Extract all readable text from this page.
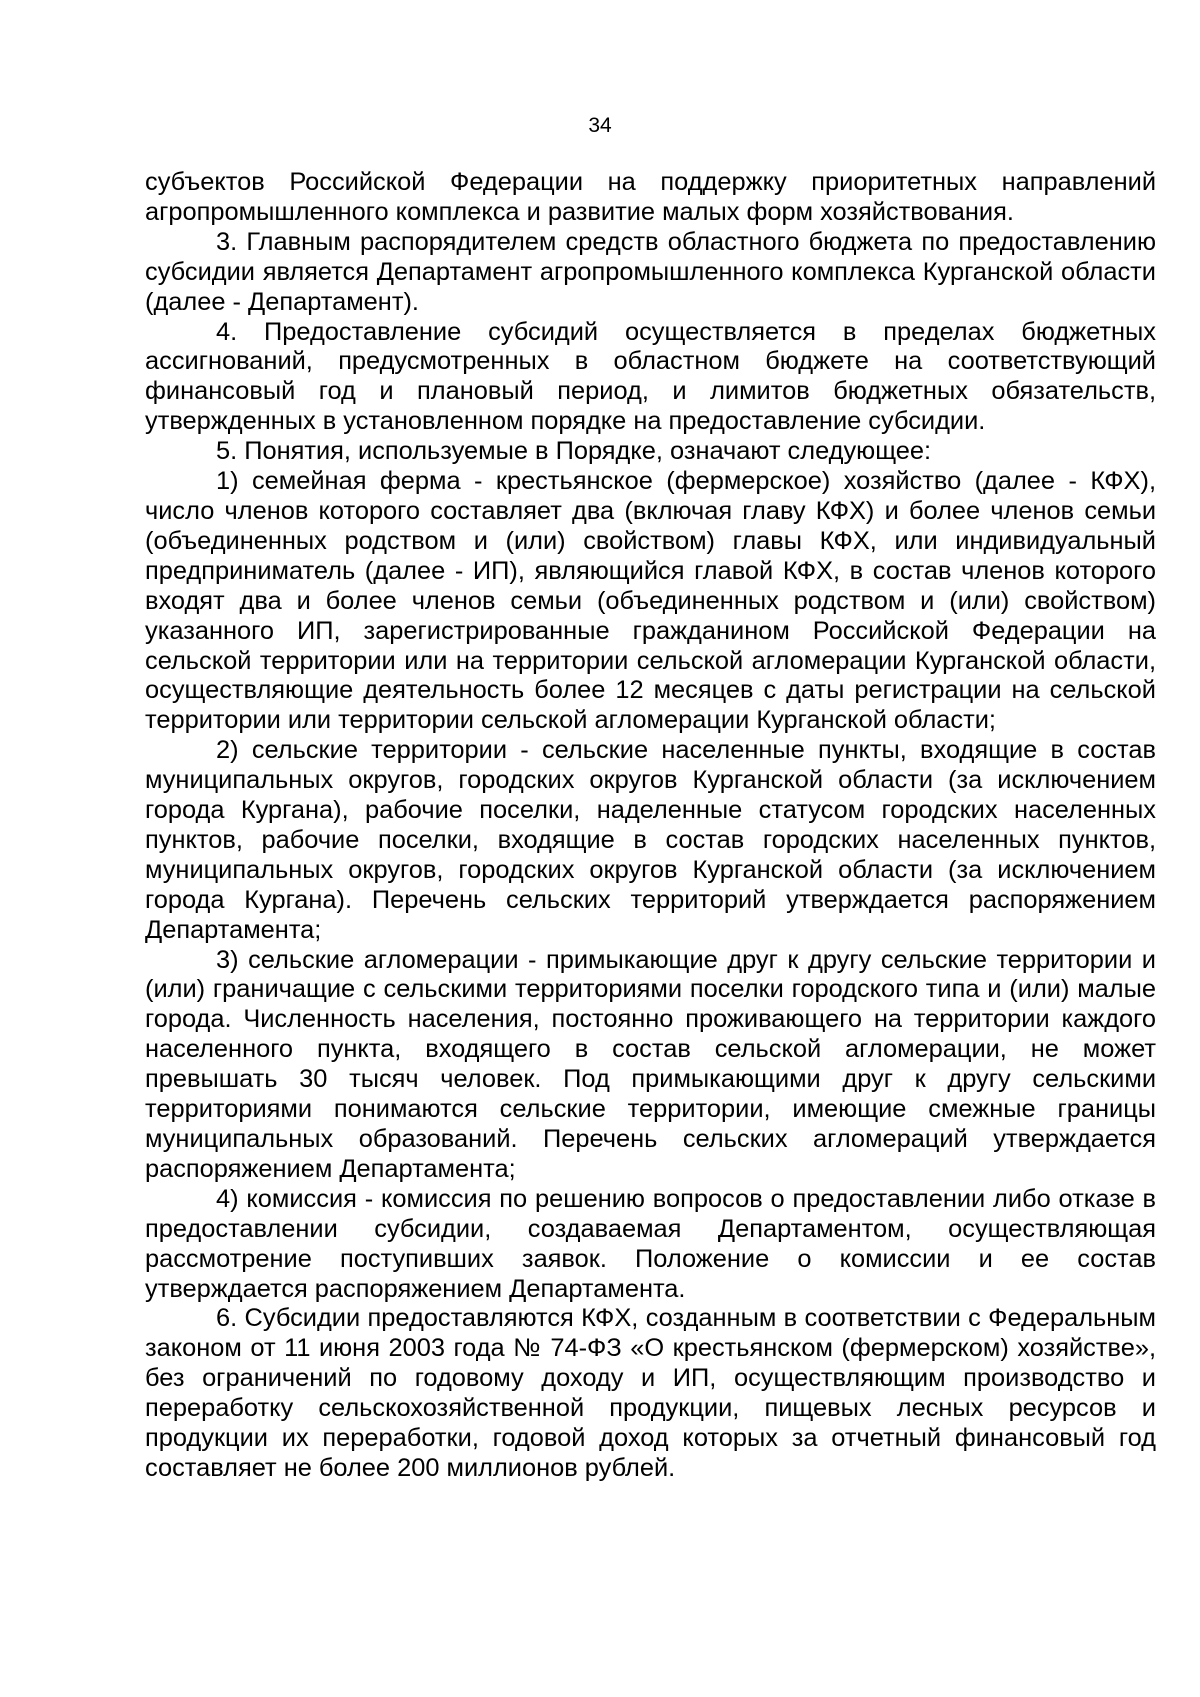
34

субъектов Российской Федерации на поддержку приоритетных направлений агропромышленного комплекса и развитие малых форм хозяйствования.

3. Главным распорядителем средств областного бюджета по предоставлению субсидии является Департамент агропромышленного комплекса Курганской области (далее - Департамент).

4. Предоставление субсидий осуществляется в пределах бюджетных ассигнований, предусмотренных в областном бюджете на соответствующий финансовый год и плановый период, и лимитов бюджетных обязательств, утвержденных в установленном порядке на предоставление субсидии.

5. Понятия, используемые в Порядке, означают следующее:

1) семейная ферма - крестьянское (фермерское) хозяйство (далее - КФХ), число членов которого составляет два (включая главу КФХ) и более членов семьи (объединенных родством и (или) свойством) главы КФХ, или индивидуальный предприниматель (далее - ИП), являющийся главой КФХ, в состав членов которого входят два и более членов семьи (объединенных родством и (или) свойством) указанного ИП, зарегистрированные гражданином Российской Федерации на сельской территории или на территории сельской агломерации Курганской области, осуществляющие деятельность более 12 месяцев с даты регистрации на сельской территории или территории сельской агломерации Курганской области;

2) сельские территории - сельские населенные пункты, входящие в состав муниципальных округов, городских округов Курганской области (за исключением города Кургана), рабочие поселки, наделенные статусом городских населенных пунктов, рабочие поселки, входящие в состав городских населенных пунктов, муниципальных округов, городских округов Курганской области (за исключением города Кургана). Перечень сельских территорий утверждается распоряжением Департамента;

3) сельские агломерации - примыкающие друг к другу сельские территории и (или) граничащие с сельскими территориями поселки городского типа и (или) малые города. Численность населения, постоянно проживающего на территории каждого населенного пункта, входящего в состав сельской агломерации, не может превышать 30 тысяч человек. Под примыкающими друг к другу сельскими территориями понимаются сельские территории, имеющие смежные границы муниципальных образований. Перечень сельских агломераций утверждается распоряжением Департамента;

4) комиссия - комиссия по решению вопросов о предоставлении либо отказе в предоставлении субсидии, создаваемая Департаментом, осуществляющая рассмотрение поступивших заявок. Положение о комиссии и ее состав утверждается распоряжением Департамента.

6. Субсидии предоставляются КФХ, созданным в соответствии с Федеральным законом от 11 июня 2003 года № 74-ФЗ «О крестьянском (фермерском) хозяйстве», без ограничений по годовому доходу и ИП, осуществляющим производство и переработку сельскохозяйственной продукции, пищевых лесных ресурсов и продукции их переработки, годовой доход которых за отчетный финансовый год составляет не более 200 миллионов рублей.
